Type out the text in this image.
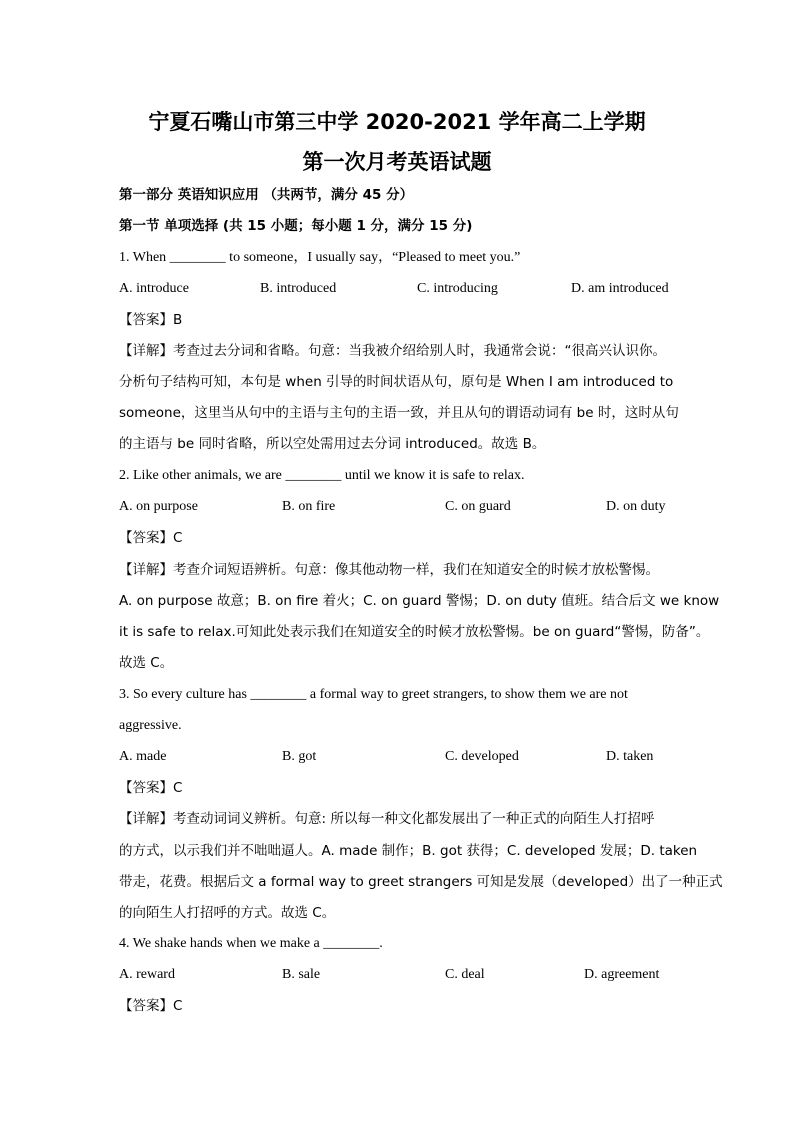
宁夏石嘴山市第三中学 2020-2021 学年高二上学期
第一次月考英语试题
第一部分 英语知识应用 （共两节，满分 45 分）
第一节 单项选择 (共 15 小题；每小题 1 分，满分 15 分)
1. When ________ to someone，I usually say，“Pleased to meet you.”
A. introduce	B. introduced	C. introducing	D. am introduced
【答案】B
【详解】考查过去分词和省略。句意：当我被介绍给别人时，我通常会说：“很高兴认识你。
分析句子结构可知，本句是 when 引导的时间状语从句，原句是 When I am introduced to
someone，这里当从句中的主语与主句的主语一致，并且从句的谓语动词有 be 时，这时从句
的主语与 be 同时省略，所以空处需用过去分词 introduced。故选 B。
2. Like other animals, we are ________ until we know it is safe to relax.
A. on purpose	B. on fire	C. on guard	D. on duty
【答案】C
【详解】考查介词短语辨析。句意：像其他动物一样，我们在知道安全的时候才放松警惕。
A. on purpose 故意；B. on fire 着火；C. on guard 警惕；D. on duty 值班。结合后文 we know
it is safe to relax.可知此处表示我们在知道安全的时候才放松警惕。be on guard“警惕，防备”。
故选 C。
3. So every culture has ________ a formal way to greet strangers, to show them we are not
aggressive.
A. made	B. got	C. developed	D. taken
【答案】C
【详解】考查动词词义辨析。句意: 所以每一种文化都发展出了一种正式的向陌生人打招呼
的方式，以示我们并不咄咄逼人。A. made 制作；B. got 获得；C. developed 发展；D. taken
带走，花费。根据后文 a formal way to greet strangers 可知是发展（developed）出了一种正式
的向陌生人打招呼的方式。故选 C。
4. We shake hands when we make a ________.
A. reward	B. sale	C. deal	D. agreement
【答案】C
